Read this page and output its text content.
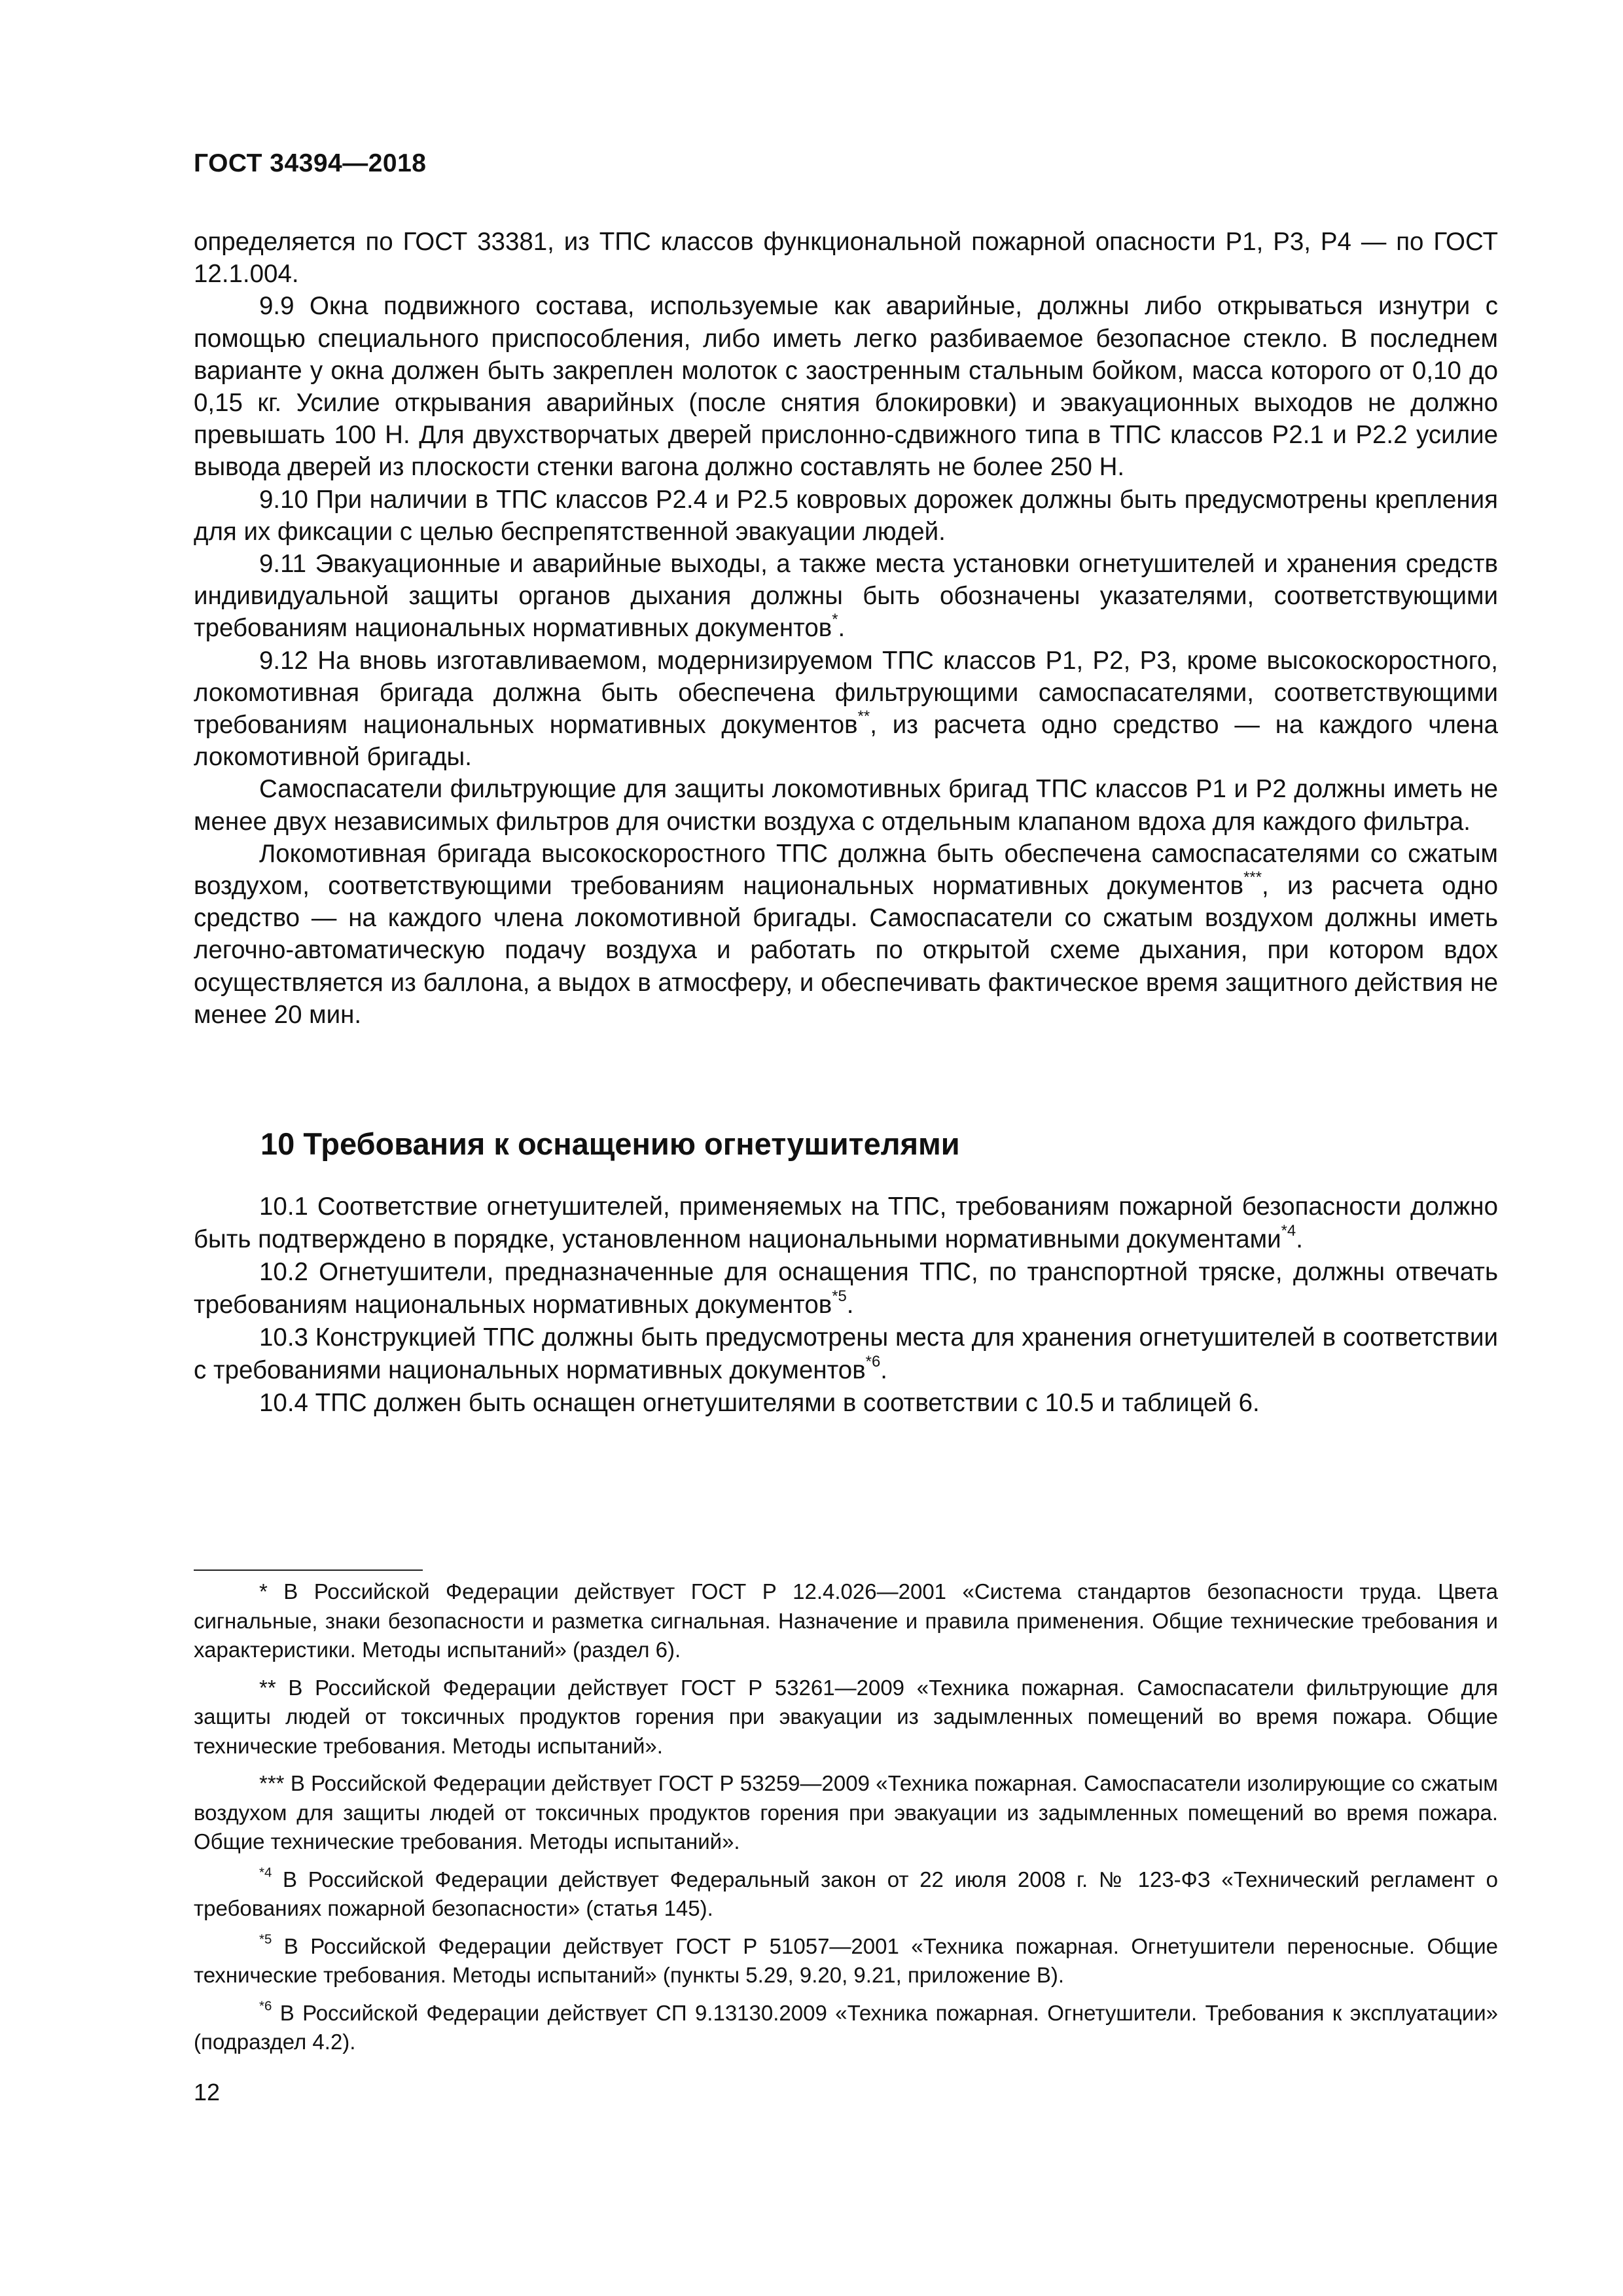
ГОСТ 34394—2018

определяется по ГОСТ 33381, из ТПС классов функциональной пожарной опасности Р1, Р3, Р4 — по ГОСТ 12.1.004.

9.9 Окна подвижного состава, используемые как аварийные, должны либо открываться изнутри с помощью специального приспособления, либо иметь легко разбиваемое безопасное стекло. В последнем варианте у окна должен быть закреплен молоток с заостренным стальным бойком, масса которого от 0,10 до 0,15 кг. Усилие открывания аварийных (после снятия блокировки) и эвакуационных выходов не должно превышать 100 Н. Для двухстворчатых дверей прислонно-сдвижного типа в ТПС классов Р2.1 и Р2.2 усилие вывода дверей из плоскости стенки вагона должно составлять не более 250 Н.

9.10 При наличии в ТПС классов Р2.4 и Р2.5 ковровых дорожек должны быть предусмотрены крепления для их фиксации с целью беспрепятственной эвакуации людей.

9.11 Эвакуационные и аварийные выходы, а также места установки огнетушителей и хранения средств индивидуальной защиты органов дыхания должны быть обозначены указателями, соответствующими требованиям национальных нормативных документов*.

9.12 На вновь изготавливаемом, модернизируемом ТПС классов Р1, Р2, Р3, кроме высокоскоростного, локомотивная бригада должна быть обеспечена фильтрующими самоспасателями, соответствующими требованиям национальных нормативных документов**, из расчета одно средство — на каждого члена локомотивной бригады.

Самоспасатели фильтрующие для защиты локомотивных бригад ТПС классов Р1 и Р2 должны иметь не менее двух независимых фильтров для очистки воздуха с отдельным клапаном вдоха для каждого фильтра.

Локомотивная бригада высокоскоростного ТПС должна быть обеспечена самоспасателями со сжатым воздухом, соответствующими требованиям национальных нормативных документов***, из расчета одно средство — на каждого члена локомотивной бригады. Самоспасатели со сжатым воздухом должны иметь легочно-автоматическую подачу воздуха и работать по открытой схеме дыхания, при котором вдох осуществляется из баллона, а выдох в атмосферу, и обеспечивать фактическое время защитного действия не менее 20 мин.

10 Требования к оснащению огнетушителями

10.1 Соответствие огнетушителей, применяемых на ТПС, требованиям пожарной безопасности должно быть подтверждено в порядке, установленном национальными нормативными документами$^{*4}$.

10.2 Огнетушители, предназначенные для оснащения ТПС, по транспортной тряске, должны отвечать требованиям национальных нормативных документов$^{*5}$.

10.3 Конструкцией ТПС должны быть предусмотрены места для хранения огнетушителей в соответствии с требованиями национальных нормативных документов$^{*6}$.

10.4 ТПС должен быть оснащен огнетушителями в соответствии с 10.5 и таблицей 6.

* В Российской Федерации действует ГОСТ Р 12.4.026—2001 «Система стандартов безопасности труда. Цвета сигнальные, знаки безопасности и разметка сигнальная. Назначение и правила применения. Общие технические требования и характеристики. Методы испытаний» (раздел 6).

** В Российской Федерации действует ГОСТ Р 53261—2009 «Техника пожарная. Самоспасатели фильтрующие для защиты людей от токсичных продуктов горения при эвакуации из задымленных помещений во время пожара. Общие технические требования. Методы испытаний».

*** В Российской Федерации действует ГОСТ Р 53259—2009 «Техника пожарная. Самоспасатели изолирующие со сжатым воздухом для защиты людей от токсичных продуктов горения при эвакуации из задымленных помещений во время пожара. Общие технические требования. Методы испытаний».

$^{*4}$ В Российской Федерации действует Федеральный закон от 22 июля 2008 г. № 123-ФЗ «Технический регламент о требованиях пожарной безопасности» (статья 145).

$^{*5}$ В Российской Федерации действует ГОСТ Р 51057—2001 «Техника пожарная. Огнетушители переносные. Общие технические требования. Методы испытаний» (пункты 5.29, 9.20, 9.21, приложение В).

$^{*6}$ В Российской Федерации действует СП 9.13130.2009 «Техника пожарная. Огнетушители. Требования к эксплуатации» (подраздел 4.2).

12
